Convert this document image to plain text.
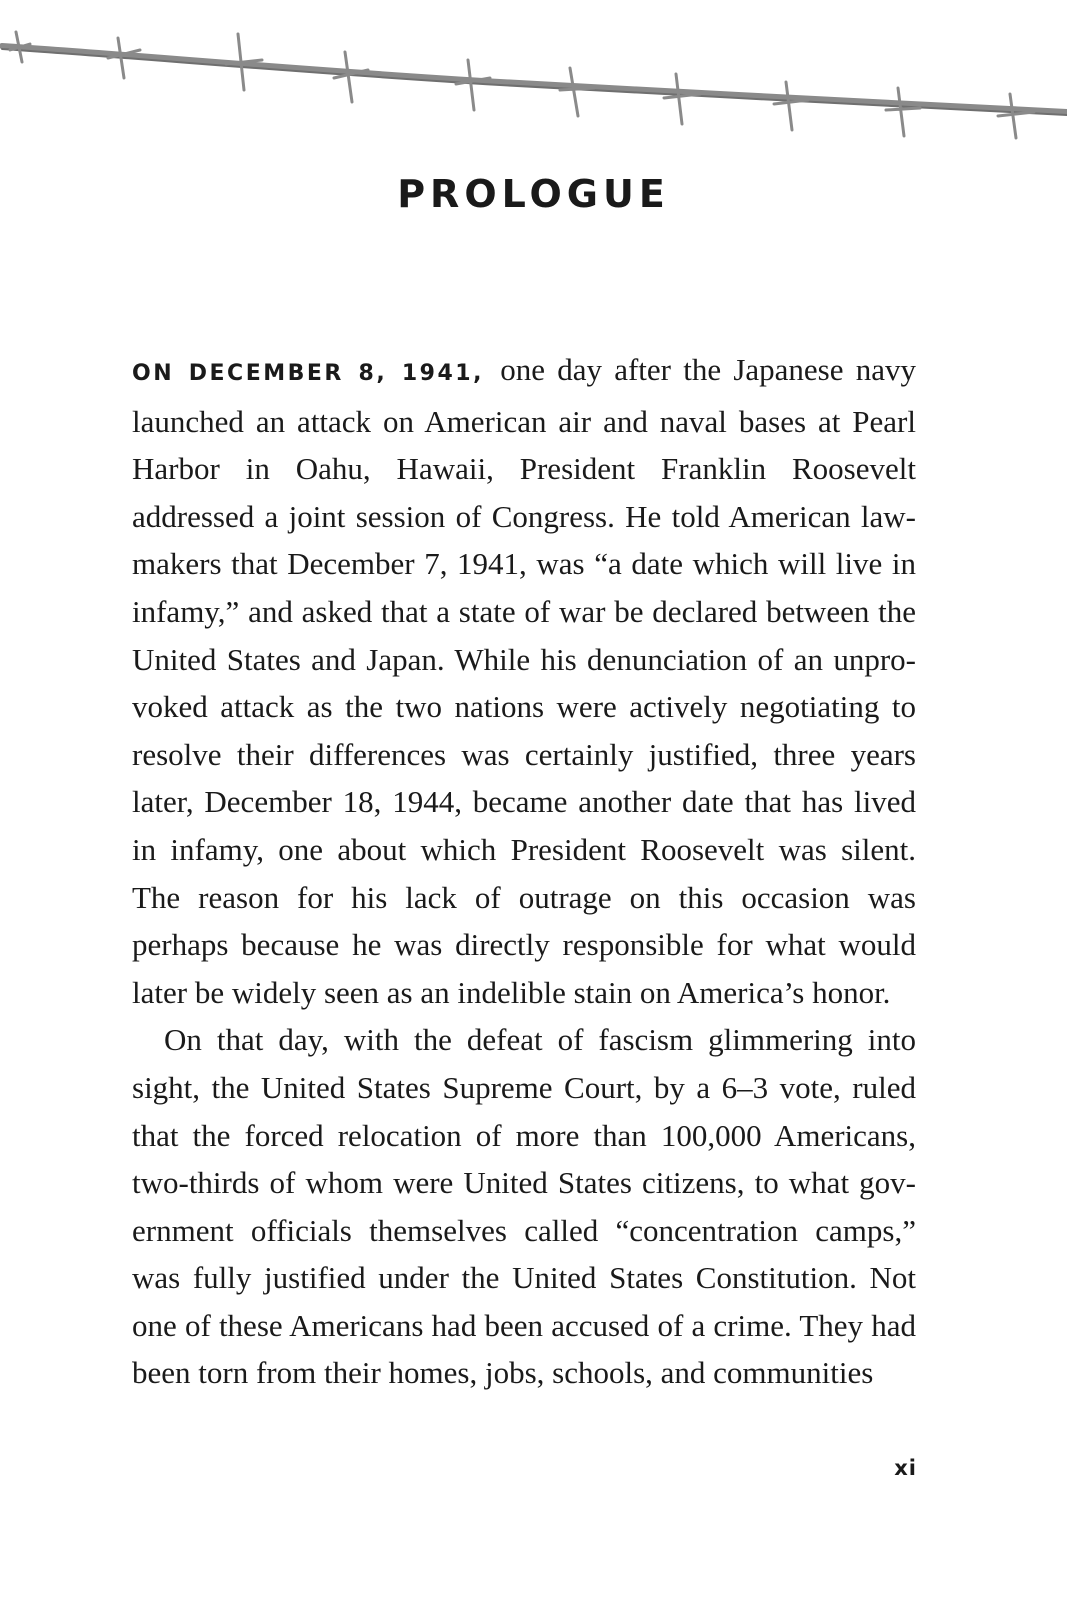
PROLOGUE

ON DECEMBER 8, 1941, one day after the Japanese navy launched an attack on American air and naval bases at Pearl Harbor in Oahu, Hawaii, President Franklin Roosevelt addressed a joint session of Congress. He told American law-makers that December 7, 1941, was “a date which will live in infamy,” and asked that a state of war be declared between the United States and Japan. While his denunciation of an unpro-voked attack as the two nations were actively negotiating to resolve their differences was certainly justified, three years later, December 18, 1944, became another date that has lived in infamy, one about which President Roosevelt was silent. The reason for his lack of outrage on this occasion was perhaps because he was directly responsible for what would later be widely seen as an indelible stain on America’s honor.

On that day, with the defeat of fascism glimmering into sight, the United States Supreme Court, by a 6–3 vote, ruled that the forced relocation of more than 100,000 Americans, two-thirds of whom were United States citizens, to what gov-ernment officials themselves called “concentration camps,” was fully justified under the United States Constitution. Not one of these Americans had been accused of a crime. They had been torn from their homes, jobs, schools, and communities

xi
